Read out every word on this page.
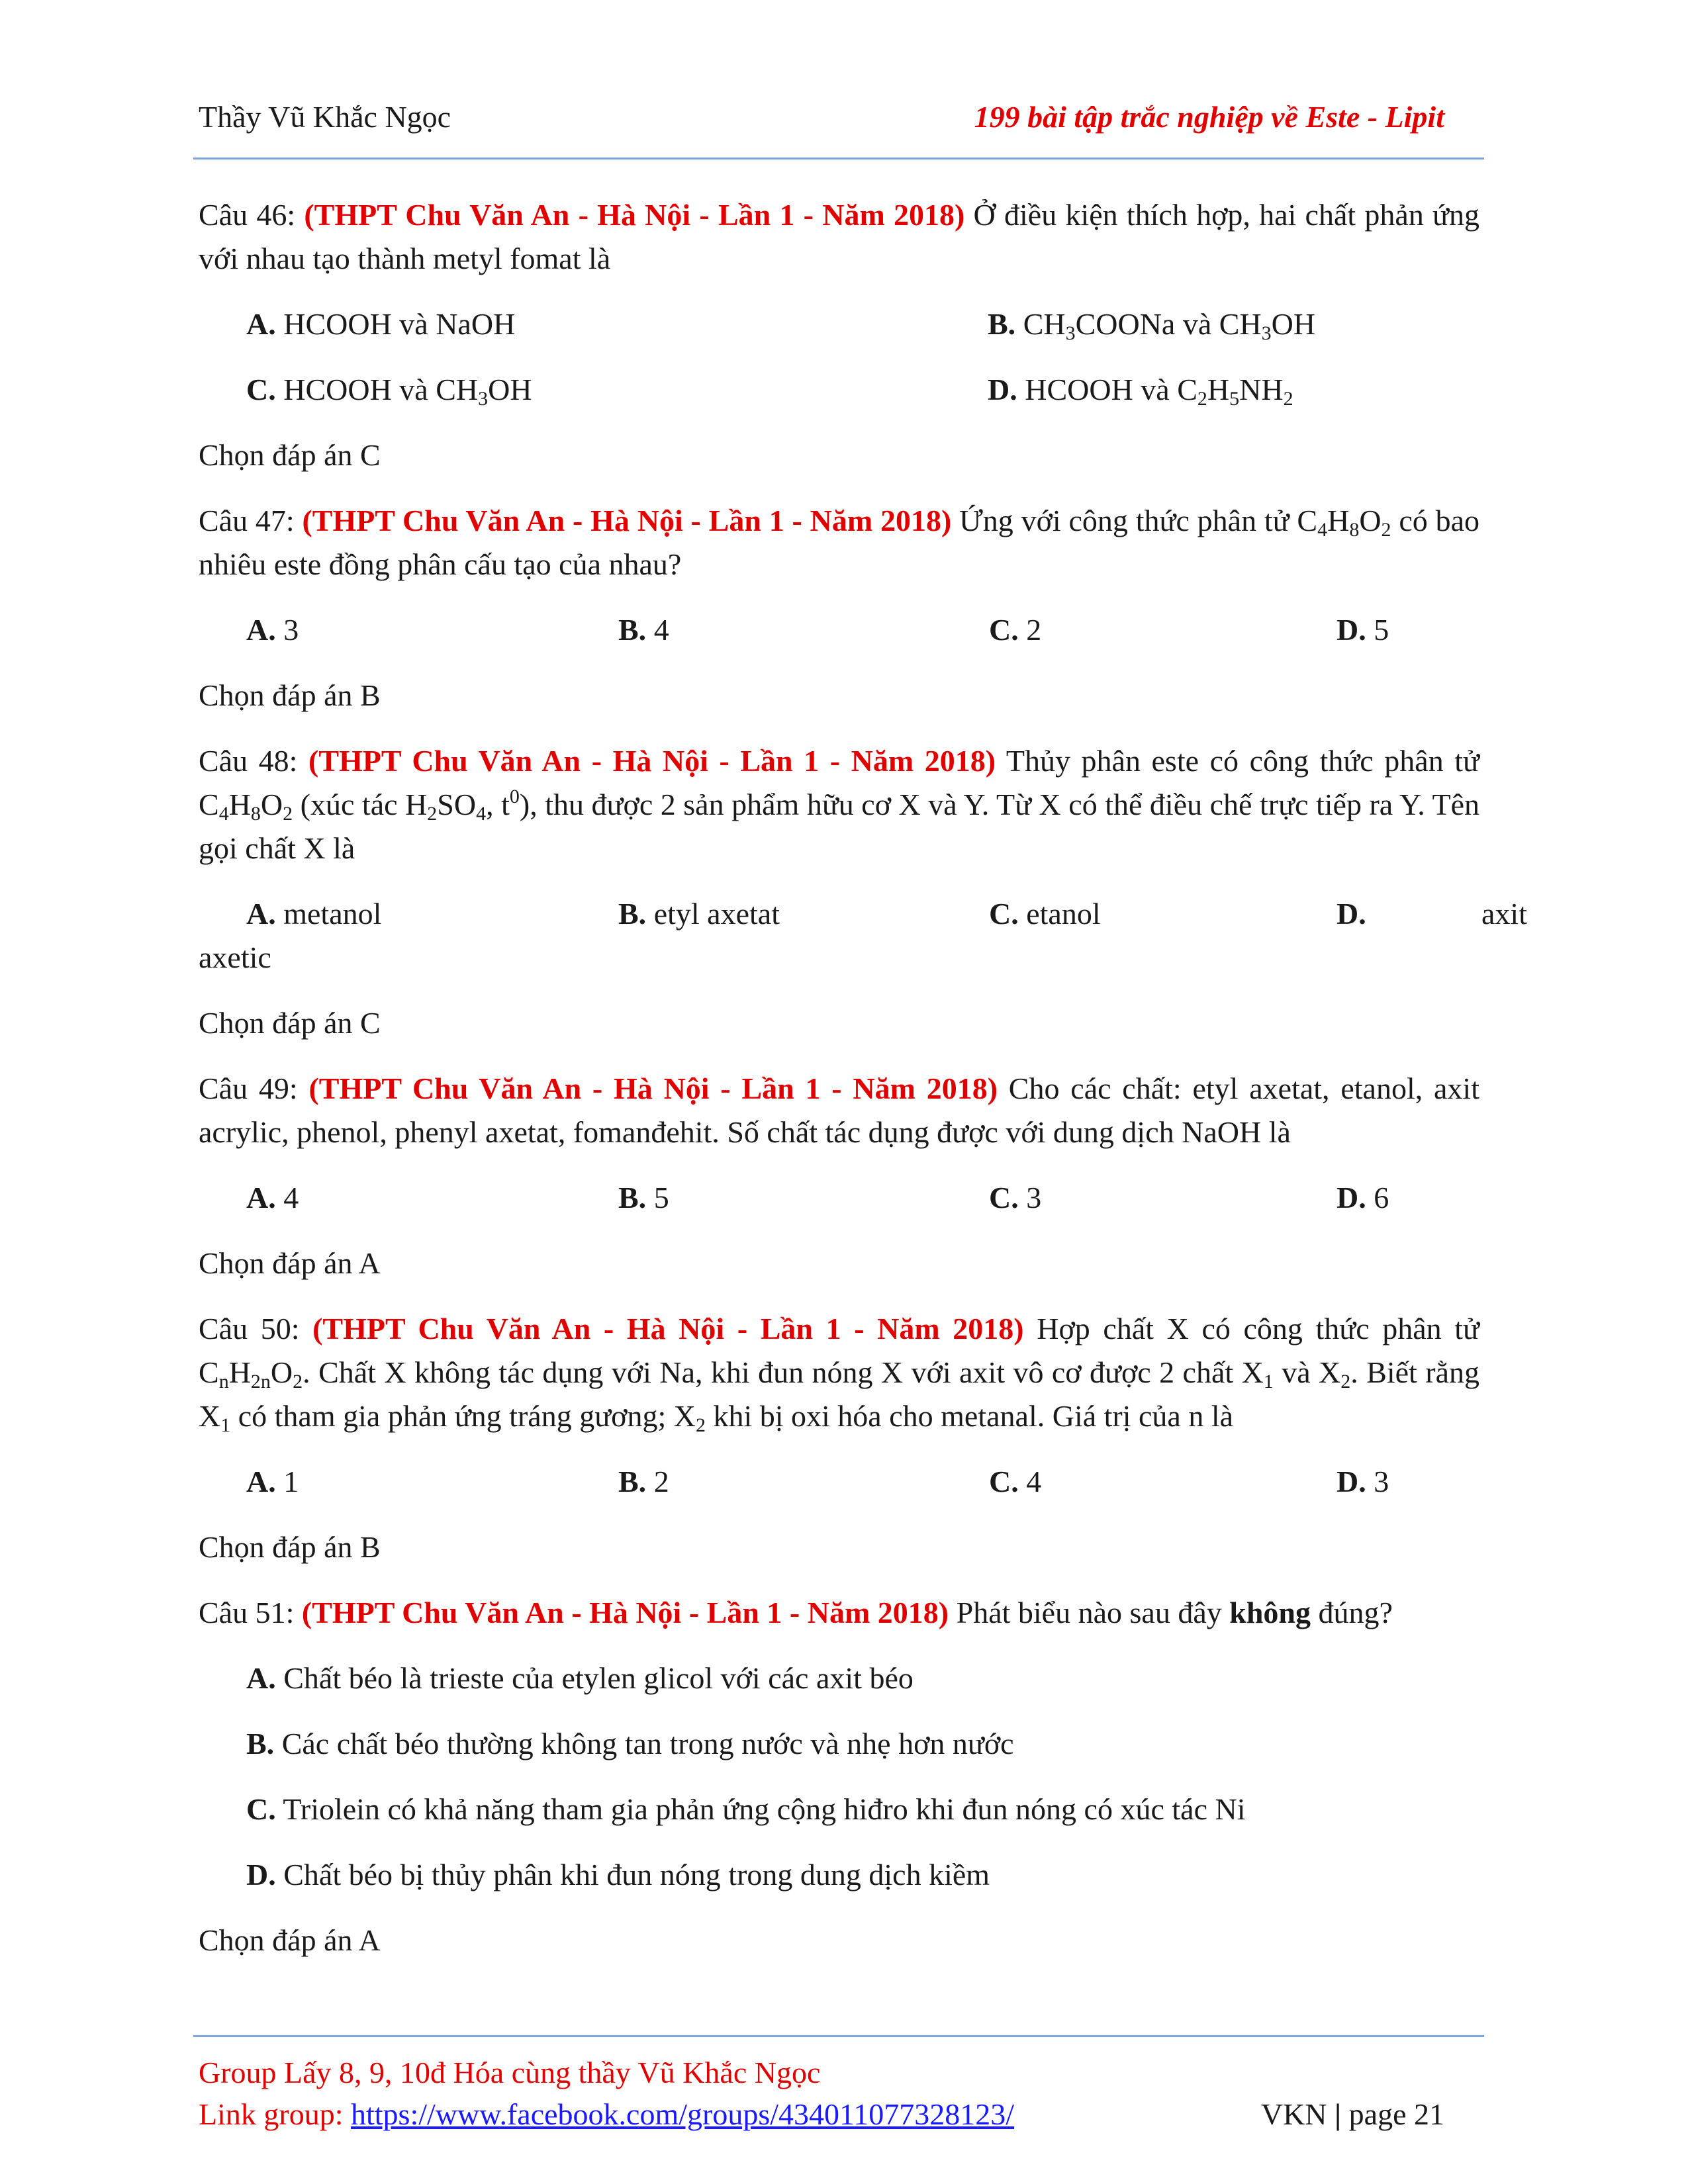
Thầy Vũ Khắc Ngọc	199 bài tập trắc nghiệp về Este - Lipit
Câu 46: (THPT Chu Văn An - Hà Nội - Lần 1 - Năm 2018) Ở điều kiện thích hợp, hai chất phản ứng với nhau tạo thành metyl fomat là
A. HCOOH và NaOH	B. $CH_3COONa$ và $CH_3OH$
C. HCOOH và $CH_3OH$	D. HCOOH và $C_2H_5NH_2$
Chọn đáp án C
Câu 47: (THPT Chu Văn An - Hà Nội - Lần 1 - Năm 2018) Ứng với công thức phân tử $C_4H_8O_2$ có bao nhiêu este đồng phân cấu tạo của nhau?
A. 3	B. 4	C. 2	D. 5
Chọn đáp án B
Câu 48: (THPT Chu Văn An - Hà Nội - Lần 1 - Năm 2018) Thủy phân este có công thức phân tử $C_4H_8O_2$ (xúc tác $H_2SO_4$, $t^0$), thu được 2 sản phẩm hữu cơ X và Y. Từ X có thể điều chế trực tiếp ra Y. Tên gọi chất X là
A. metanol	B. etyl axetat	C. etanol	D.	axit
axetic
Chọn đáp án C
Câu 49: (THPT Chu Văn An - Hà Nội - Lần 1 - Năm 2018) Cho các chất: etyl axetat, etanol, axit acrylic, phenol, phenyl axetat, fomanđehit. Số chất tác dụng được với dung dịch NaOH là
A. 4	B. 5	C. 3	D. 6
Chọn đáp án A
Câu 50: (THPT Chu Văn An - Hà Nội - Lần 1 - Năm 2018) Hợp chất X có công thức phân tử $C_nH_{2n}O_2$. Chất X không tác dụng với Na, khi đun nóng X với axit vô cơ được 2 chất $X_1$ và $X_2$. Biết rằng $X_1$ có tham gia phản ứng tráng gương; $X_2$ khi bị oxi hóa cho metanal. Giá trị của n là
A. 1	B. 2	C. 4	D. 3
Chọn đáp án B
Câu 51: (THPT Chu Văn An - Hà Nội - Lần 1 - Năm 2018) Phát biểu nào sau đây không đúng?
A. Chất béo là trieste của etylen glicol với các axit béo
B. Các chất béo thường không tan trong nước và nhẹ hơn nước
C. Triolein có khả năng tham gia phản ứng cộng hiđro khi đun nóng có xúc tác Ni
D. Chất béo bị thủy phân khi đun nóng trong dung dịch kiềm
Chọn đáp án A
Group Lấy 8, 9, 10đ Hóa cùng thầy Vũ Khắc Ngọc
Link group: https://www.facebook.com/groups/434011077328123/	VKN | page 21
